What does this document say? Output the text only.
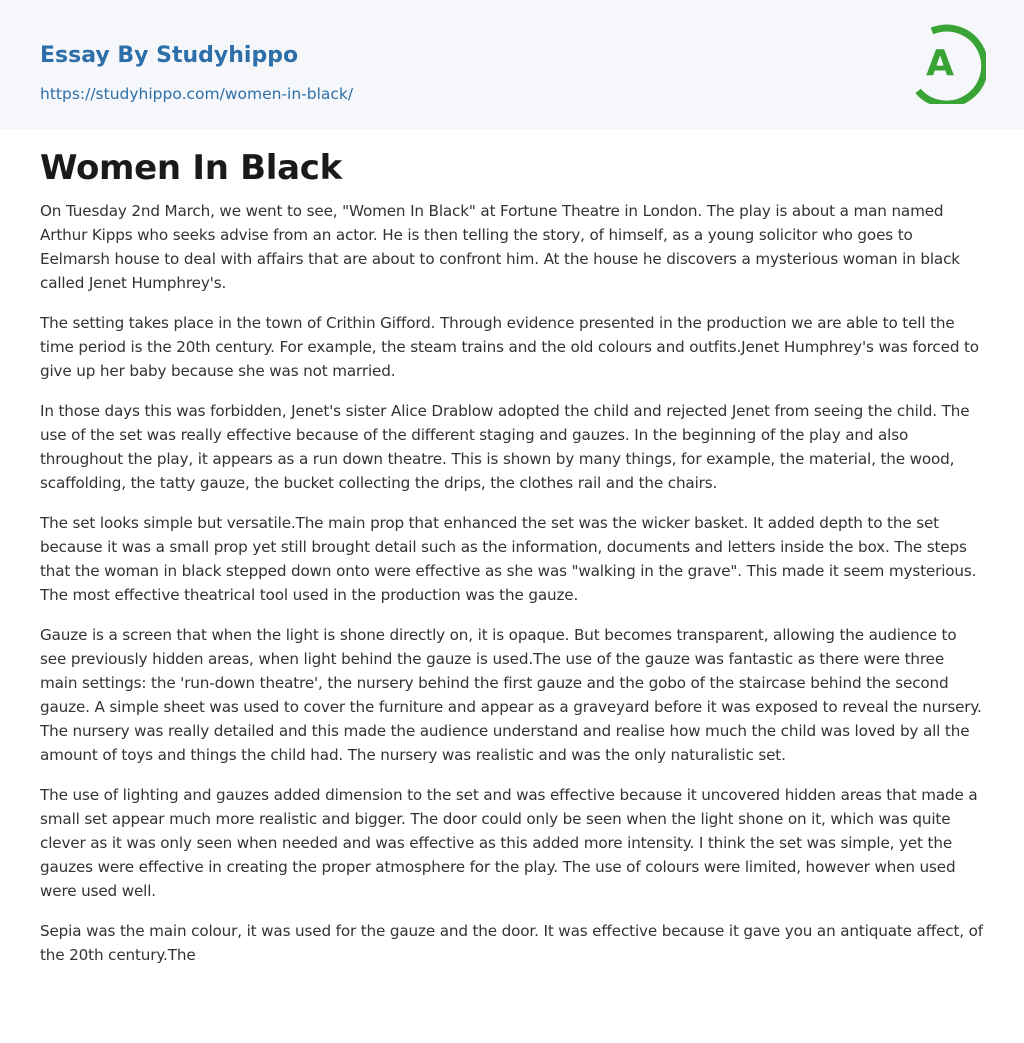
Essay By Studyhippo
https://studyhippo.com/women-in-black/
A
Women In Black

On Tuesday 2nd March, we went to see, "Women In Black" at Fortune Theatre in London. The play is about a man named Arthur Kipps who seeks advise from an actor. He is then telling the story, of himself, as a young solicitor who goes to Eelmarsh house to deal with affairs that are about to confront him. At the house he discovers a mysterious woman in black called Jenet Humphrey's.

The setting takes place in the town of Crithin Gifford. Through evidence presented in the production we are able to tell the time period is the 20th century. For example, the steam trains and the old colours and outfits.Jenet Humphrey's was forced to give up her baby because she was not married.

In those days this was forbidden, Jenet's sister Alice Drablow adopted the child and rejected Jenet from seeing the child. The use of the set was really effective because of the different staging and gauzes. In the beginning of the play and also throughout the play, it appears as a run down theatre. This is shown by many things, for example, the material, the wood, scaffolding, the tatty gauze, the bucket collecting the drips, the clothes rail and the chairs.

The set looks simple but versatile.The main prop that enhanced the set was the wicker basket. It added depth to the set because it was a small prop yet still brought detail such as the information, documents and letters inside the box. The steps that the woman in black stepped down onto were effective as she was "walking in the grave". This made it seem mysterious. The most effective theatrical tool used in the production was the gauze.

Gauze is a screen that when the light is shone directly on, it is opaque. But becomes transparent, allowing the audience to see previously hidden areas, when light behind the gauze is used.The use of the gauze was fantastic as there were three main settings: the 'run-down theatre', the nursery behind the first gauze and the gobo of the staircase behind the second gauze. A simple sheet was used to cover the furniture and appear as a graveyard before it was exposed to reveal the nursery. The nursery was really detailed and this made the audience understand and realise how much the child was loved by all the amount of toys and things the child had. The nursery was realistic and was the only naturalistic set.

The use of lighting and gauzes added dimension to the set and was effective because it uncovered hidden areas that made a small set appear much more realistic and bigger. The door could only be seen when the light shone on it, which was quite clever as it was only seen when needed and was effective as this added more intensity. I think the set was simple, yet the gauzes were effective in creating the proper atmosphere for the play. The use of colours were limited, however when used were used well.

Sepia was the main colour, it was used for the gauze and the door. It was effective because it gave you an antiquate affect, of the 20th century.The
